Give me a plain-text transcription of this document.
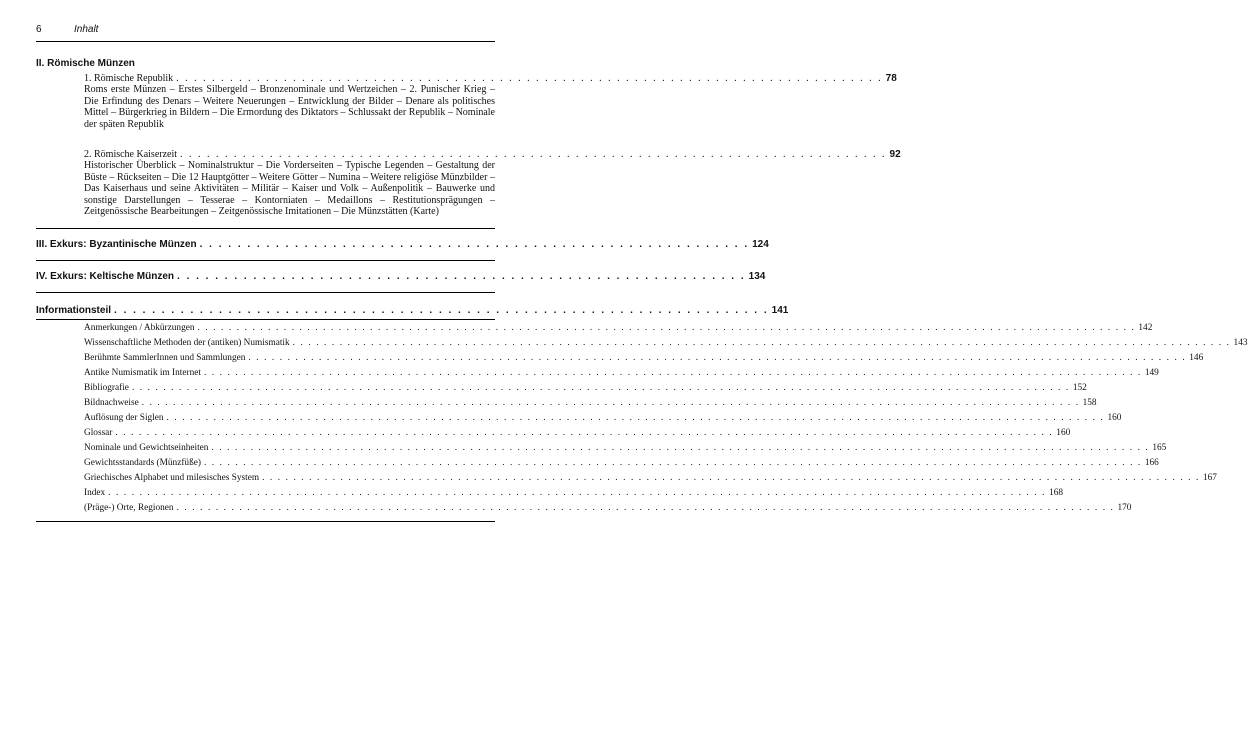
6	Inhalt
II. Römische Münzen
1. Römische Republik . . . . . . . . . . . . . . . . . . . . . . . . . . . . . . . . . . . . . . . . . . . . . . . . . . . . . . . . . . . . . . . . . . . . . . . . . . . . . . . 78
Roms erste Münzen – Erstes Silbergeld – Bronzenominale und Wertzeichen – 2. Punischer Krieg – Die Erfindung des Denars – Weitere Neuerungen – Entwicklung der Bilder – Denare als politisches Mittel – Bürgerkrieg in Bildern – Die Ermordung des Diktators – Schlussakt der Republik – Nominale der späten Republik
2. Römische Kaiserzeit . . . . . . . . . . . . . . . . . . . . . . . . . . . . . . . . . . . . . . . . . . . . . . . . . . . . . . . . . . . . . . . . . . . . . . . . . . . . . . . 92
Historischer Überblick – Nominalstruktur – Die Vorderseiten – Typische Legenden – Gestaltung der Büste – Rückseiten – Die 12 Hauptgötter – Weitere Götter – Numina – Weitere religiöse Münzbilder – Das Kaiserhaus und seine Aktivitäten – Militär – Kaiser und Volk – Außenpolitik – Bauwerke und sonstige Darstellungen – Tesserae – Kontorniaten – Medaillons – Restitutionsprägungen – Zeitgenössische Bearbeitungen – Zeitgenössische Imitationen – Die Münzstätten (Karte)
III. Exkurs: Byzantinische Münzen . . . . . . . . . . . . . . . . . . . . . . . . . . . . . . . . . . . . . . . . . . . . . . . . . . . . . . . . . . 124
IV. Exkurs: Keltische Münzen . . . . . . . . . . . . . . . . . . . . . . . . . . . . . . . . . . . . . . . . . . . . . . . . . . . . . . . . . . . . 134
Informationsteil . . . . . . . . . . . . . . . . . . . . . . . . . . . . . . . . . . . . . . . . . . . . . . . . . . . . . . . . . . . . . . . . . . . . . 141
Anmerkungen / Abkürzungen . . . . . . . . . . . . . . . . . . . . . . . . . . . . . . . . . . . . . . . . . . . . . . . . . . . . . . . . . . . . . . . . . . . . . . . . . . . . . . . . . . . . . . . . . . . . . . . . . . . . . . . . . . . . . . . . . . . . . . . . 142
Wissenschaftliche Methoden der (antiken) Numismatik . . . . . . . . . . . . . . . . . . . . . . . . . . . . . . . . . . . . . . . . . . . . . . . . . . . . . . . . . . . . . . . . . . . . . . . . . . . . . . . . . . . . . . . . . . . . . . . . . . . . . . . . . . . . . . . . . . . . . . . . 143
Berühmte SammlerInnen und Sammlungen . . . . . . . . . . . . . . . . . . . . . . . . . . . . . . . . . . . . . . . . . . . . . . . . . . . . . . . . . . . . . . . . . . . . . . . . . . . . . . . . . . . . . . . . . . . . . . . . . . . . . . . . . . . . . . . . . . . . . . . . 146
Antike Numismatik im Internet . . . . . . . . . . . . . . . . . . . . . . . . . . . . . . . . . . . . . . . . . . . . . . . . . . . . . . . . . . . . . . . . . . . . . . . . . . . . . . . . . . . . . . . . . . . . . . . . . . . . . . . . . . . . . . . . . . . . . . . . 149
Bibliografie . . . . . . . . . . . . . . . . . . . . . . . . . . . . . . . . . . . . . . . . . . . . . . . . . . . . . . . . . . . . . . . . . . . . . . . . . . . . . . . . . . . . . . . . . . . . . . . . . . . . . . . . . . . . . . . . . . . . . . . . 152
Bildnachweise . . . . . . . . . . . . . . . . . . . . . . . . . . . . . . . . . . . . . . . . . . . . . . . . . . . . . . . . . . . . . . . . . . . . . . . . . . . . . . . . . . . . . . . . . . . . . . . . . . . . . . . . . . . . . . . . . . . . . . . . 158
Auflösung der Siglen . . . . . . . . . . . . . . . . . . . . . . . . . . . . . . . . . . . . . . . . . . . . . . . . . . . . . . . . . . . . . . . . . . . . . . . . . . . . . . . . . . . . . . . . . . . . . . . . . . . . . . . . . . . . . . . . . . . . . . . . 160
Glossar . . . . . . . . . . . . . . . . . . . . . . . . . . . . . . . . . . . . . . . . . . . . . . . . . . . . . . . . . . . . . . . . . . . . . . . . . . . . . . . . . . . . . . . . . . . . . . . . . . . . . . . . . . . . . . . . . . . . . . . . 160
Nominale und Gewichtseinheiten . . . . . . . . . . . . . . . . . . . . . . . . . . . . . . . . . . . . . . . . . . . . . . . . . . . . . . . . . . . . . . . . . . . . . . . . . . . . . . . . . . . . . . . . . . . . . . . . . . . . . . . . . . . . . . . . . . . . . . . . 165
Gewichtsstandards (Münzfüße) . . . . . . . . . . . . . . . . . . . . . . . . . . . . . . . . . . . . . . . . . . . . . . . . . . . . . . . . . . . . . . . . . . . . . . . . . . . . . . . . . . . . . . . . . . . . . . . . . . . . . . . . . . . . . . . . . . . . . . . . 166
Griechisches Alphabet und milesisches System . . . . . . . . . . . . . . . . . . . . . . . . . . . . . . . . . . . . . . . . . . . . . . . . . . . . . . . . . . . . . . . . . . . . . . . . . . . . . . . . . . . . . . . . . . . . . . . . . . . . . . . . . . . . . . . . . . . . . . . . 167
Index . . . . . . . . . . . . . . . . . . . . . . . . . . . . . . . . . . . . . . . . . . . . . . . . . . . . . . . . . . . . . . . . . . . . . . . . . . . . . . . . . . . . . . . . . . . . . . . . . . . . . . . . . . . . . . . . . . . . . . . . 168
(Präge-) Orte, Regionen . . . . . . . . . . . . . . . . . . . . . . . . . . . . . . . . . . . . . . . . . . . . . . . . . . . . . . . . . . . . . . . . . . . . . . . . . . . . . . . . . . . . . . . . . . . . . . . . . . . . . . . . . . . . . . . . . . . . . . . . 170
